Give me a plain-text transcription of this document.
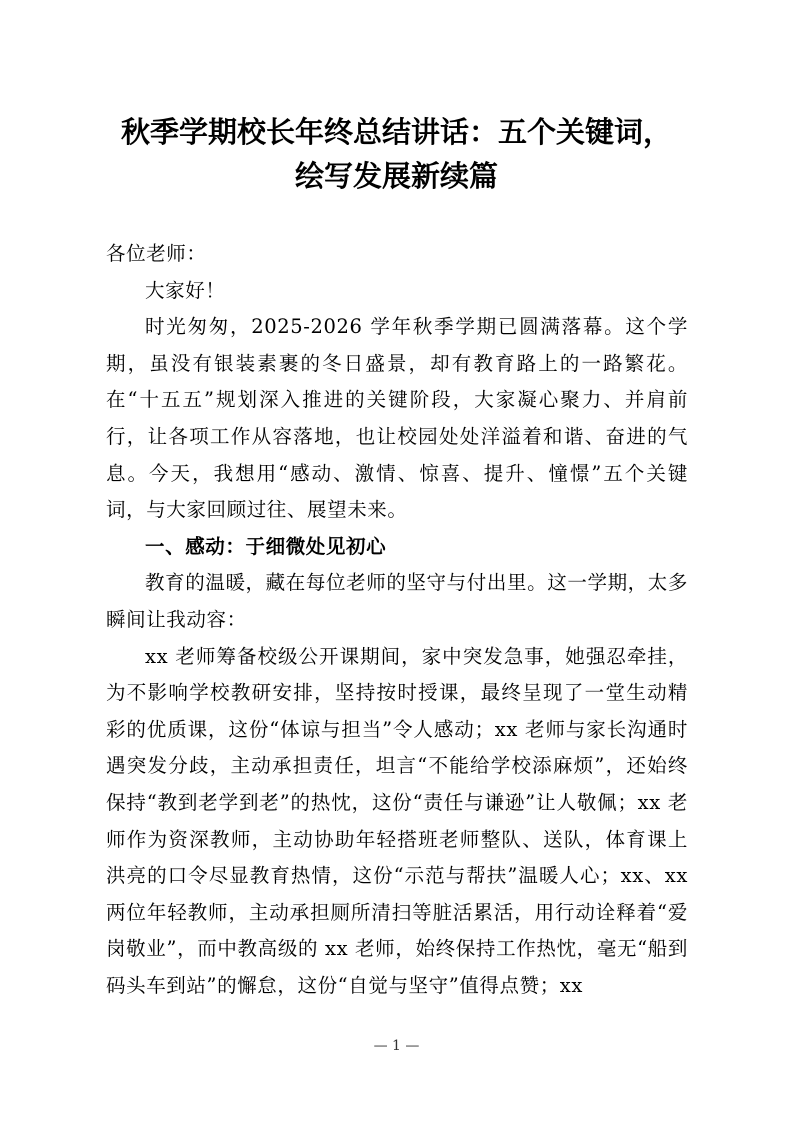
秋季学期校长年终总结讲话：五个关键词，
绘写发展新续篇

各位老师：

大家好！

时光匆匆，2025-2026 学年秋季学期已圆满落幕。这个学期，虽没有银装素裹的冬日盛景，却有教育路上的一路繁花。在“十五五”规划深入推进的关键阶段，大家凝心聚力、并肩前行，让各项工作从容落地，也让校园处处洋溢着和谐、奋进的气息。今天，我想用“感动、激情、惊喜、提升、憧憬”五个关键词，与大家回顾过往、展望未来。

一、感动：于细微处见初心

教育的温暖，藏在每位老师的坚守与付出里。这一学期，太多瞬间让我动容：

xx 老师筹备校级公开课期间，家中突发急事，她强忍牵挂，为不影响学校教研安排，坚持按时授课，最终呈现了一堂生动精彩的优质课，这份“体谅与担当”令人感动；xx 老师与家长沟通时遇突发分歧，主动承担责任，坦言“不能给学校添麻烦”，还始终保持“教到老学到老”的热忱，这份“责任与谦逊”让人敬佩；xx 老师作为资深教师，主动协助年轻搭班老师整队、送队，体育课上洪亮的口令尽显教育热情，这份“示范与帮扶”温暖人心；xx、xx 两位年轻教师，主动承担厕所清扫等脏活累活，用行动诠释着“爱岗敬业”，而中教高级的 xx 老师，始终保持工作热忱，毫无“船到码头车到站”的懈怠，这份“自觉与坚守”值得点赞；xx

— 1 —
